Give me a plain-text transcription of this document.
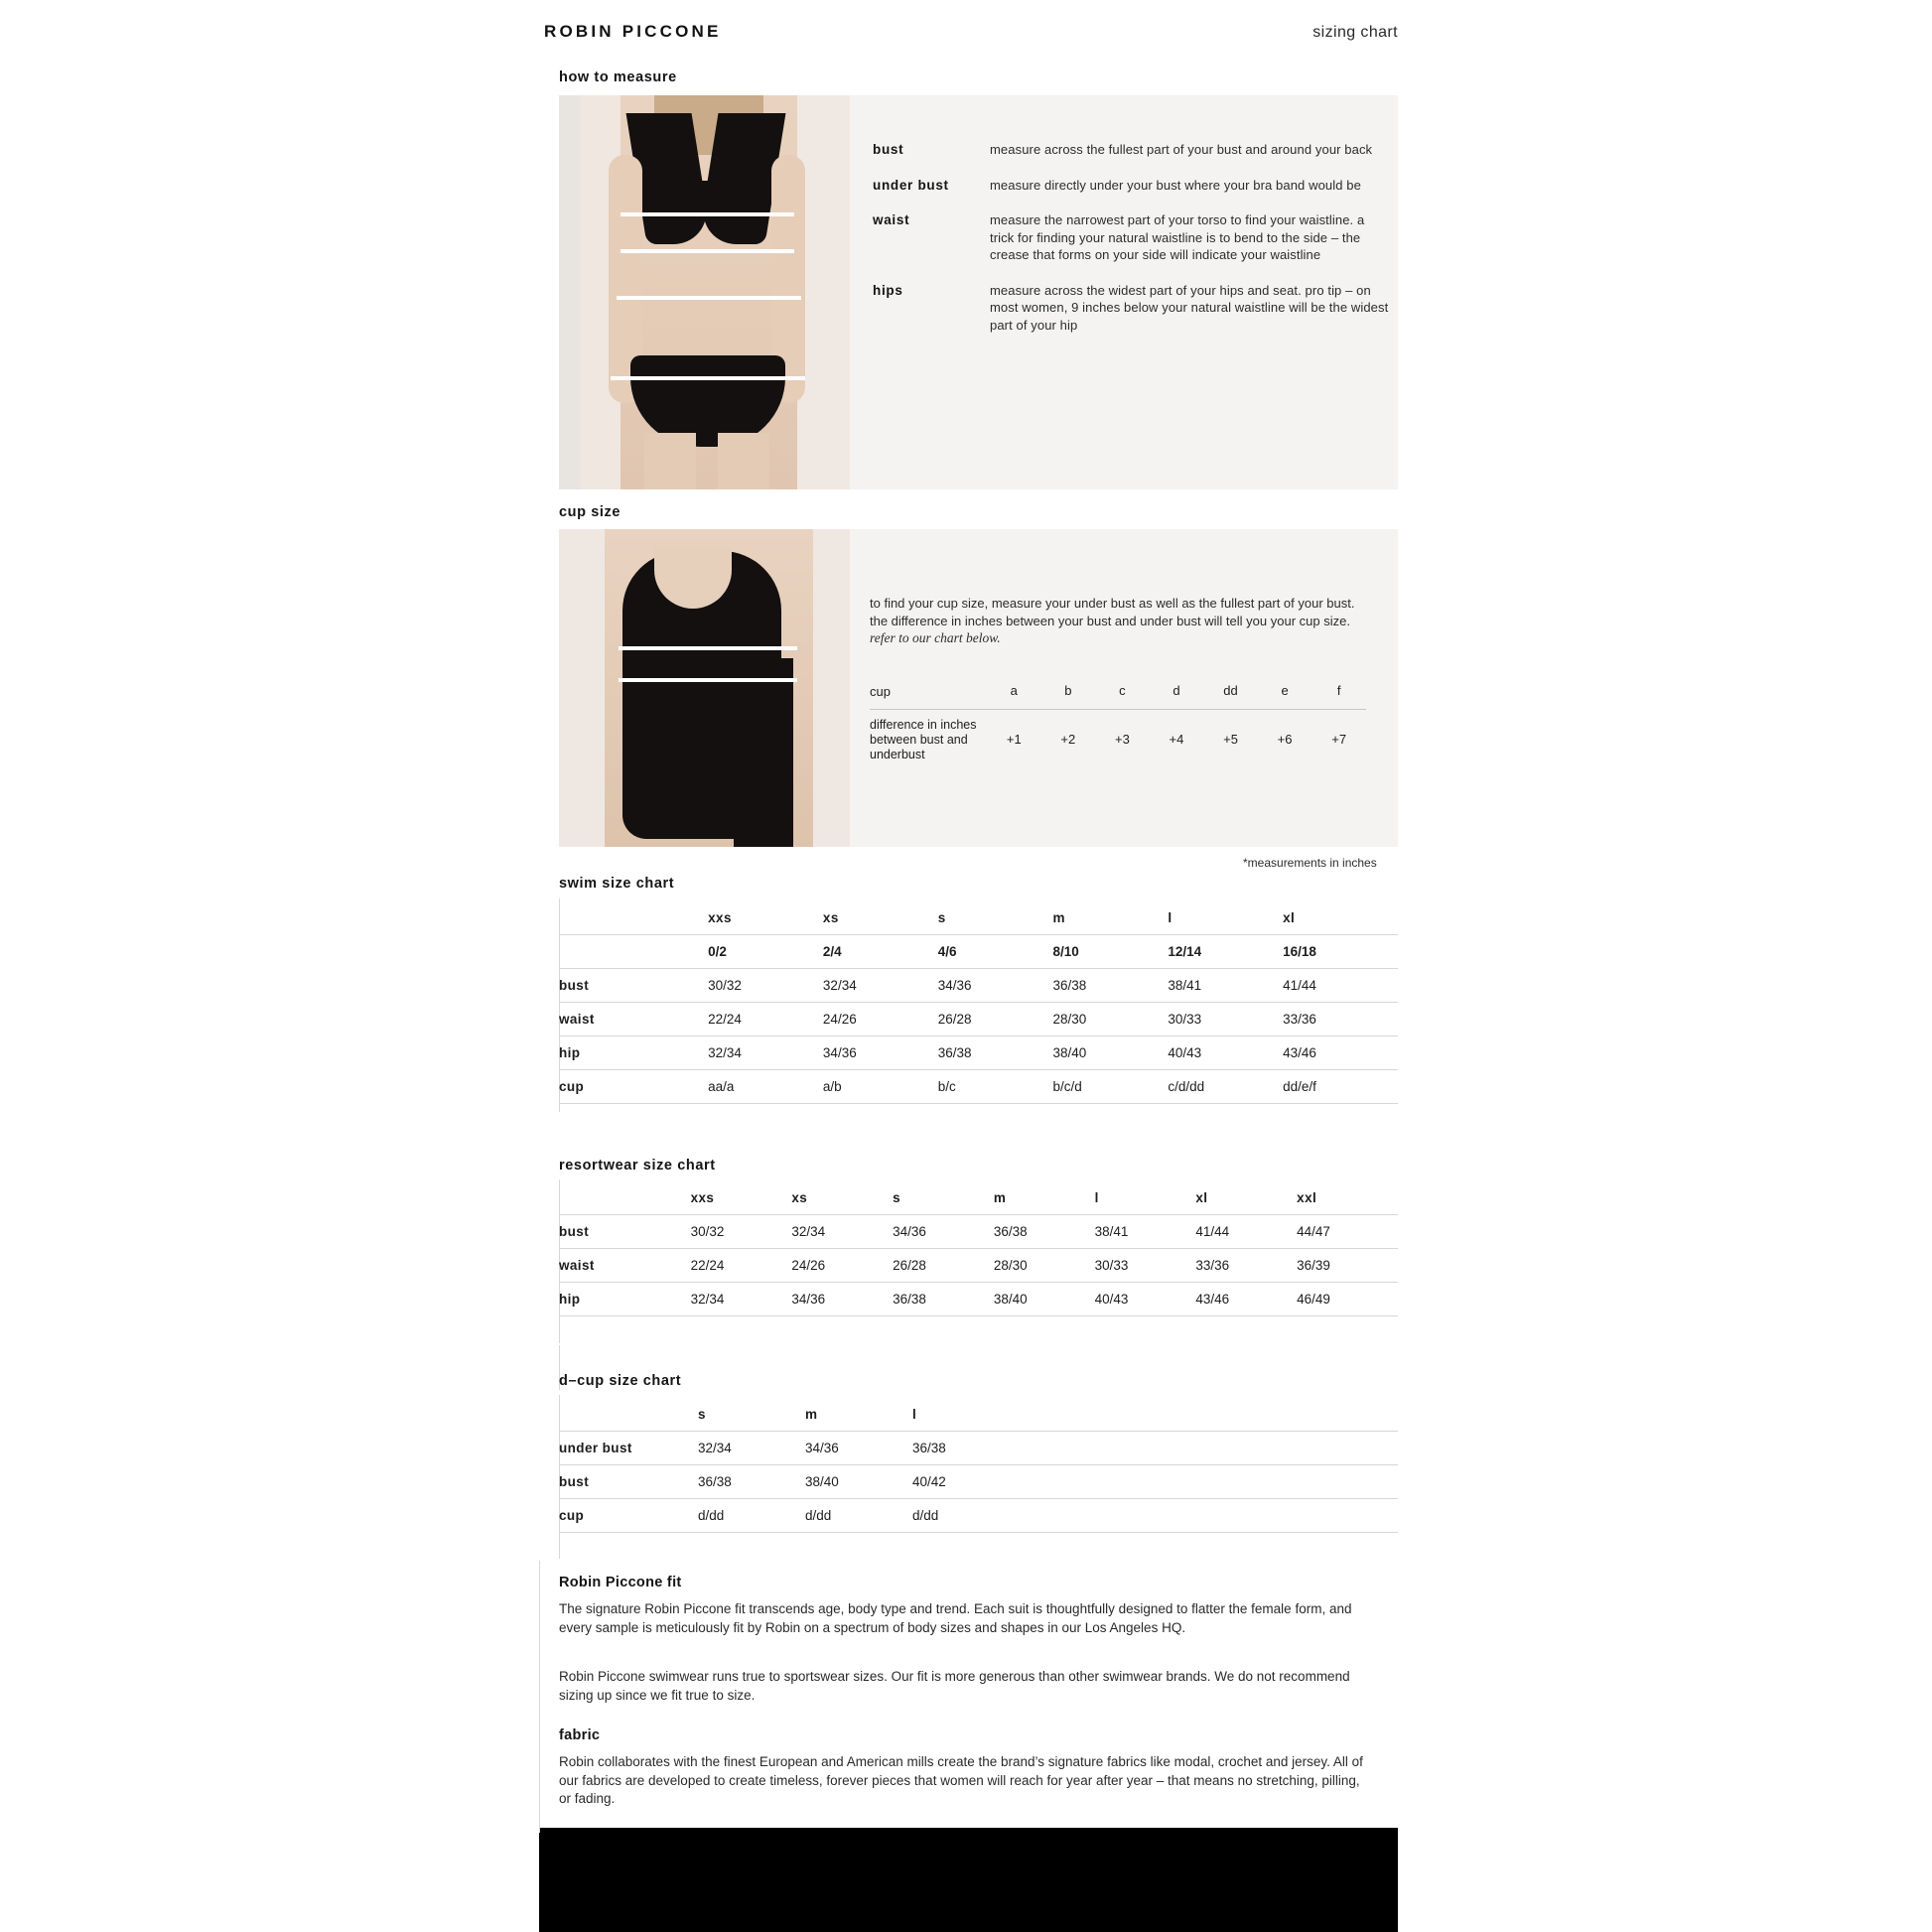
ROBIN PICCONE	sizing chart
how to measure
bust	measure across the fullest part of your bust and around your back
under bust	measure directly under your bust where your bra band would be
waist	measure the narrowest part of your torso to find your waistline. a trick for finding your natural waistline is to bend to the side – the crease that forms on your side will indicate your waistline
hips	measure across the widest part of your hips and seat. pro tip – on most women, 9 inches below your natural waistline will be the widest part of your hip
cup size
to find your cup size, measure your under bust as well as the fullest part of your bust. the difference in inches between your bust and under bust will tell you your cup size. refer to our chart below.
cup	a	b	c	d	dd	e	f
difference in inches between bust and underbust	+1	+2	+3	+4	+5	+6	+7
*measurements in inches
swim size chart
	xxs	xs	s	m	l	xl
	0/2	2/4	4/6	8/10	12/14	16/18
bust	30/32	32/34	34/36	36/38	38/41	41/44
waist	22/24	24/26	26/28	28/30	30/33	33/36
hip	32/34	34/36	36/38	38/40	40/43	43/46
cup	aa/a	a/b	b/c	b/c/d	c/d/dd	dd/e/f
resortwear size chart
	xxs	xs	s	m	l	xl	xxl
bust	30/32	32/34	34/36	36/38	38/41	41/44	44/47
waist	22/24	24/26	26/28	28/30	30/33	33/36	36/39
hip	32/34	34/36	36/38	38/40	40/43	43/46	46/49
d–cup size chart
	s	m	l
under bust	32/34	34/36	36/38
bust	36/38	38/40	40/42
cup	d/dd	d/dd	d/dd
Robin Piccone fit
The signature Robin Piccone fit transcends age, body type and trend. Each suit is thoughtfully designed to flatter the female form, and every sample is meticulously fit by Robin on a spectrum of body sizes and shapes in our Los Angeles HQ.
Robin Piccone swimwear runs true to sportswear sizes. Our fit is more generous than other swimwear brands. We do not recommend sizing up since we fit true to size.
fabric
Robin collaborates with the finest European and American mills create the brand’s signature fabrics like modal, crochet and jersey. All of our fabrics are developed to create timeless, forever pieces that women will reach for year after year – that means no stretching, pilling, or fading.
